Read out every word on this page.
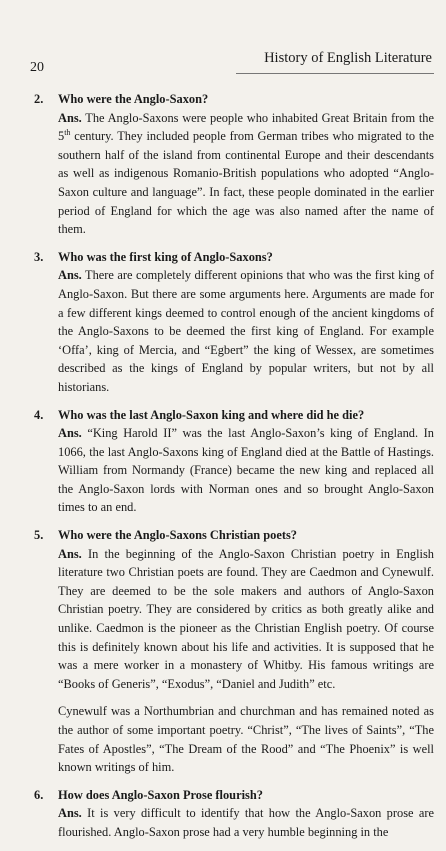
20
History of English Literature
2. Who were the Anglo-Saxon?
Ans. The Anglo-Saxons were people who inhabited Great Britain from the 5th century. They included people from German tribes who migrated to the southern half of the island from continental Europe and their descendants as well as indigenous Romanio-British populations who adopted “Anglo-Saxon culture and language”. In fact, these people dominated in the earlier period of England for which the age was also named after the name of them.
3. Who was the first king of Anglo-Saxons?
Ans. There are completely different opinions that who was the first king of Anglo-Saxon. But there are some arguments here. Arguments are made for a few different kings deemed to control enough of the ancient kingdoms of the Anglo-Saxons to be deemed the first king of England. For example ‘Offa’, king of Mercia, and “Egbert” the king of Wessex, are sometimes described as the kings of England by popular writers, but not by all historians.
4. Who was the last Anglo-Saxon king and where did he die?
Ans. “King Harold II” was the last Anglo-Saxon’s king of England. In 1066, the last Anglo-Saxons king of England died at the Battle of Hastings. William from Normandy (France) became the new king and replaced all the Anglo-Saxon lords with Norman ones and so brought Anglo-Saxon times to an end.
5. Who were the Anglo-Saxons Christian poets?
Ans. In the beginning of the Anglo-Saxon Christian poetry in English literature two Christian poets are found. They are Caedmon and Cynewulf. They are deemed to be the sole makers and authors of Anglo-Saxon Christian poetry. They are considered by critics as both greatly alike and unlike. Caedmon is the pioneer as the Christian English poetry. Of course this is definitely known about his life and activities. It is supposed that he was a mere worker in a monastery of Whitby. His famous writings are “Books of Generis”, “Exodus”, “Daniel and Judith” etc.
Cynewulf was a Northumbrian and churchman and has remained noted as the author of some important poetry. “Christ”, “The lives of Saints”, “The Fates of Apostles”, “The Dream of the Rood” and “The Phoenix” is well known writings of him.
6. How does Anglo-Saxon Prose flourish?
Ans. It is very difficult to identify that how the Anglo-Saxon prose are flourished. Anglo-Saxon prose had a very humble beginning in the
